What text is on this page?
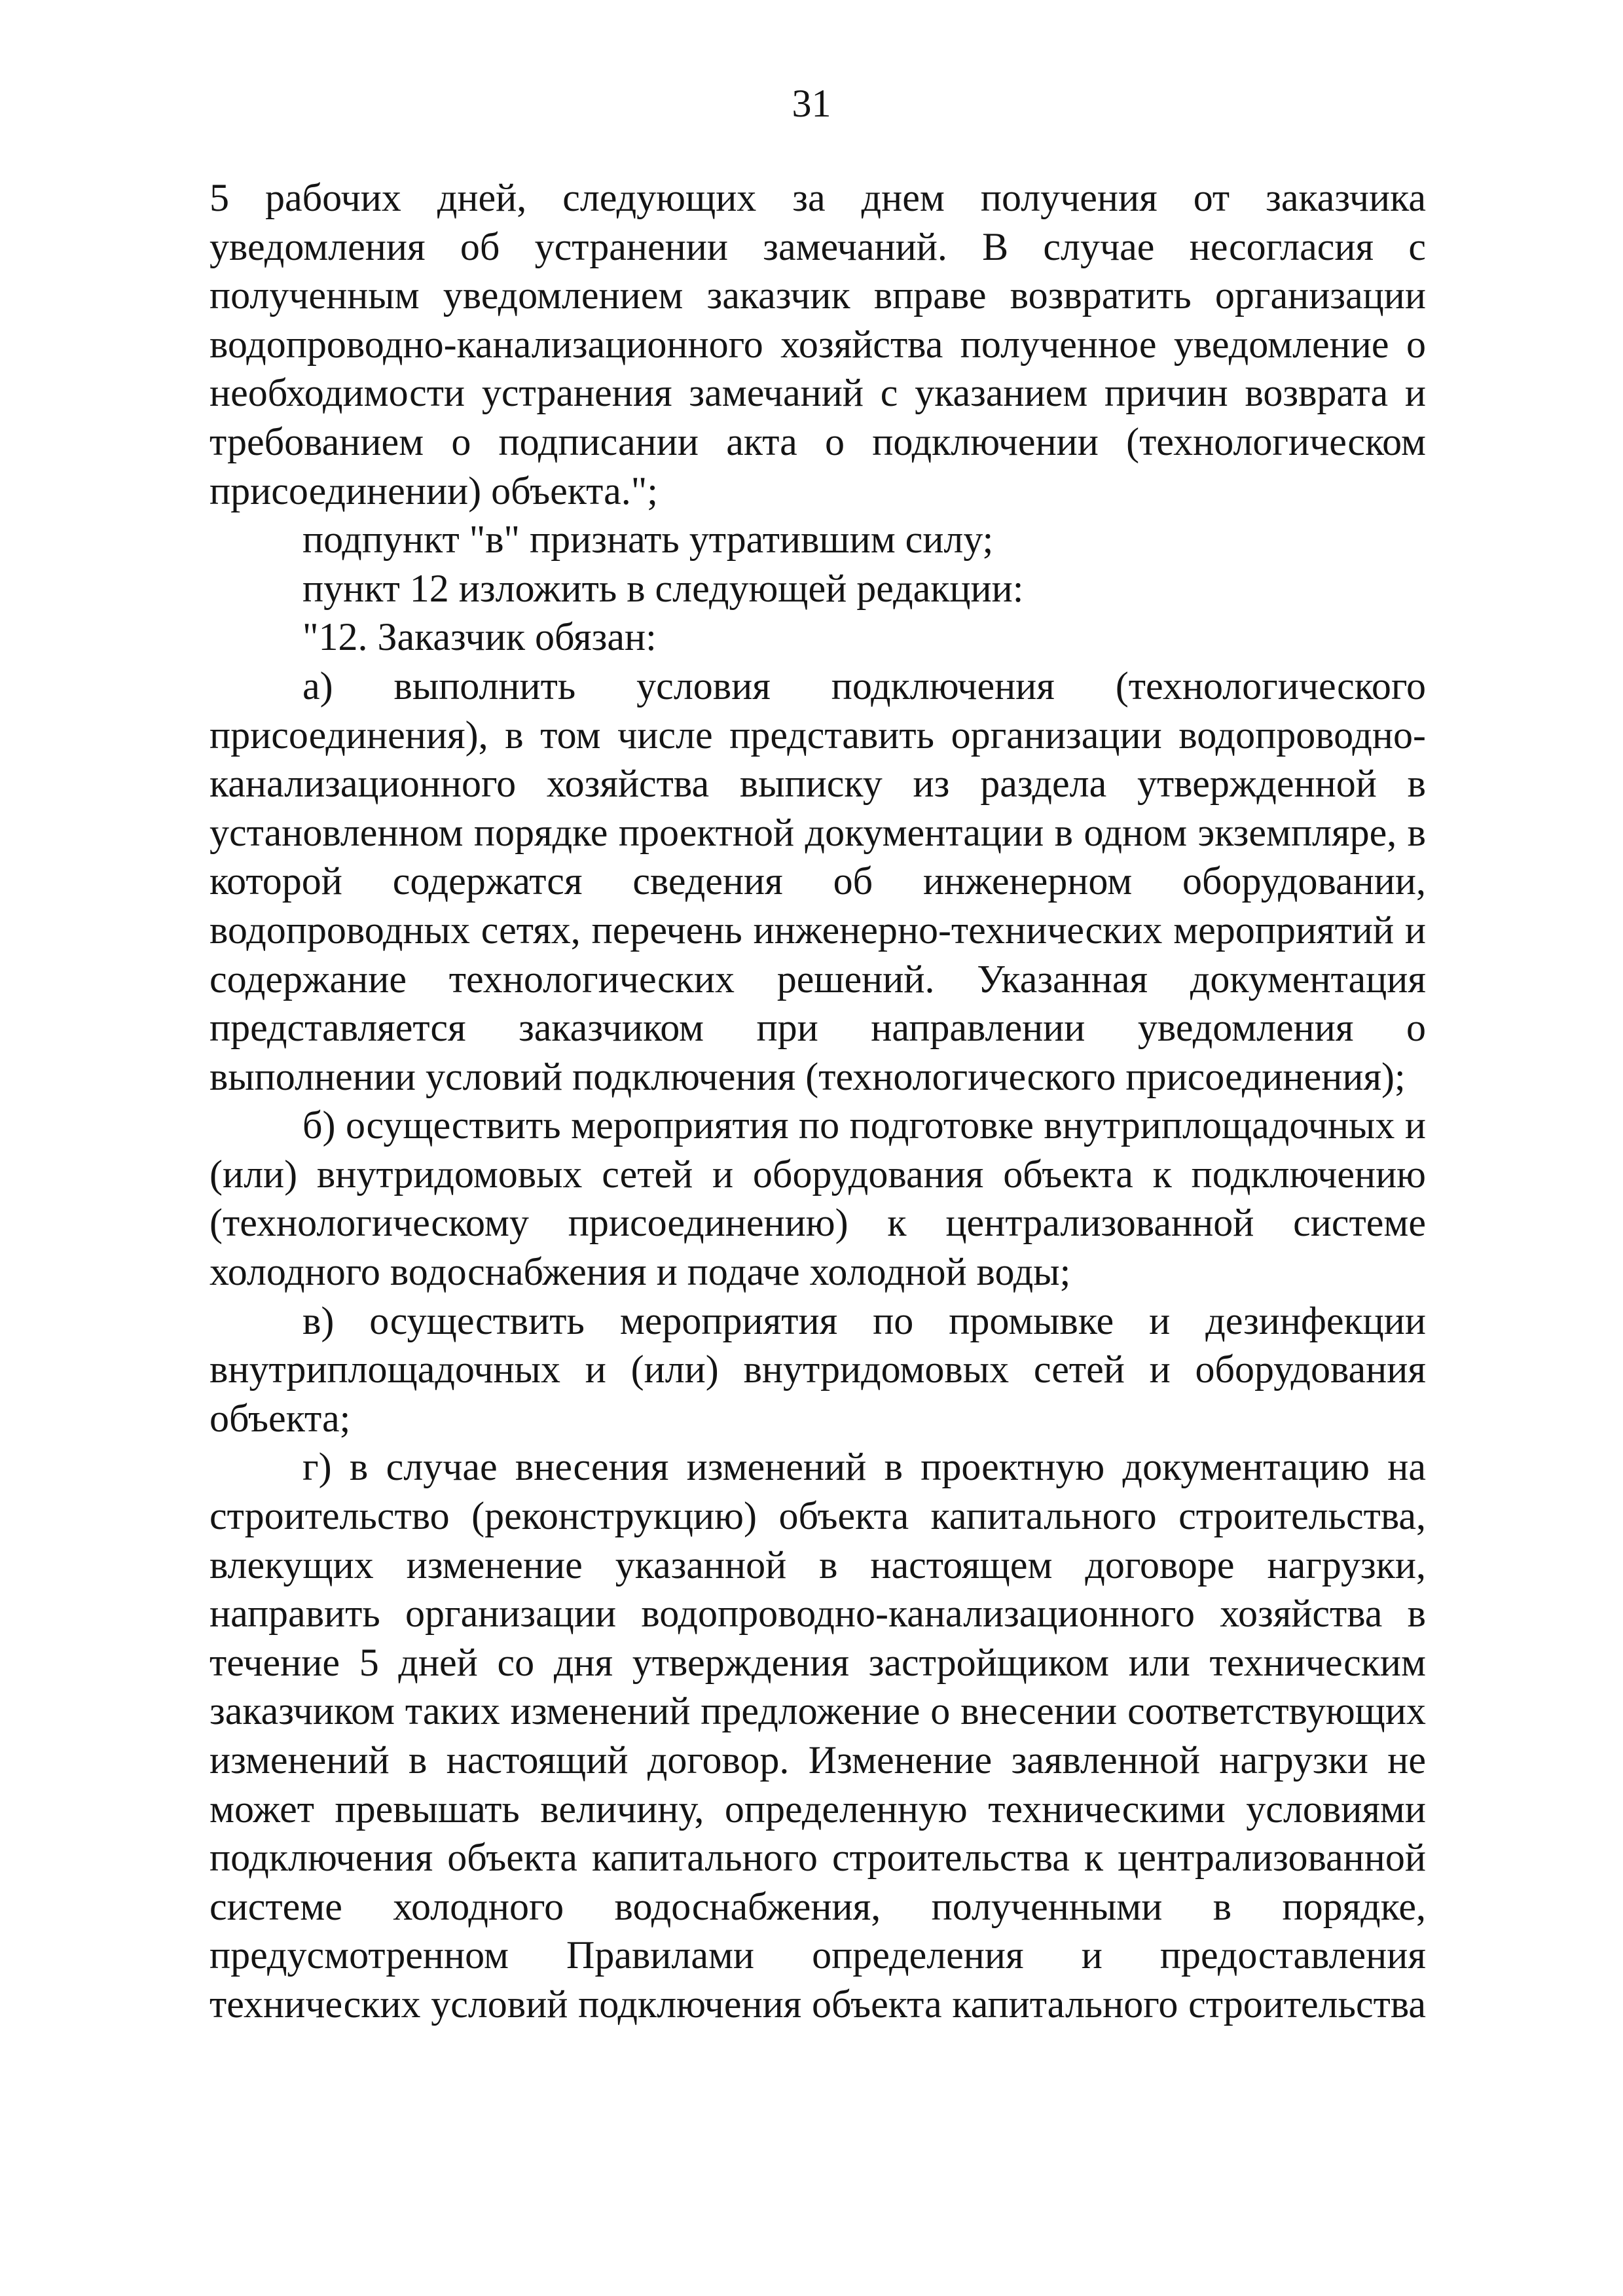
31

5 рабочих дней, следующих за днем получения от заказчика уведомления об устранении замечаний. В случае несогласия с полученным уведомлением заказчик вправе возвратить организации водопроводно-канализационного хозяйства полученное уведомление о необходимости устранения замечаний с указанием причин возврата и требованием о подписании акта о подключении (технологическом присоединении) объекта.";

подпункт "в" признать утратившим силу;

пункт 12 изложить в следующей редакции:

"12. Заказчик обязан:

а) выполнить условия подключения (технологического присоединения), в том числе представить организации водопроводно-канализационного хозяйства выписку из раздела утвержденной в установленном порядке проектной документации в одном экземпляре, в которой содержатся сведения об инженерном оборудовании, водопроводных сетях, перечень инженерно-технических мероприятий и содержание технологических решений. Указанная документация представляется заказчиком при направлении уведомления о выполнении условий подключения (технологического присоединения);

б) осуществить мероприятия по подготовке внутриплощадочных и (или) внутридомовых сетей и оборудования объекта к подключению (технологическому присоединению) к централизованной системе холодного водоснабжения и подаче холодной воды;

в) осуществить мероприятия по промывке и дезинфекции внутриплощадочных и (или) внутридомовых сетей и оборудования объекта;

г) в случае внесения изменений в проектную документацию на строительство (реконструкцию) объекта капитального строительства, влекущих изменение указанной в настоящем договоре нагрузки, направить организации водопроводно-канализационного хозяйства в течение 5 дней со дня утверждения застройщиком или техническим заказчиком таких изменений предложение о внесении соответствующих изменений в настоящий договор. Изменение заявленной нагрузки не может превышать величину, определенную техническими условиями подключения объекта капитального строительства к централизованной системе холодного водоснабжения, полученными в порядке, предусмотренном Правилами определения и предоставления технических условий подключения объекта капитального строительства
